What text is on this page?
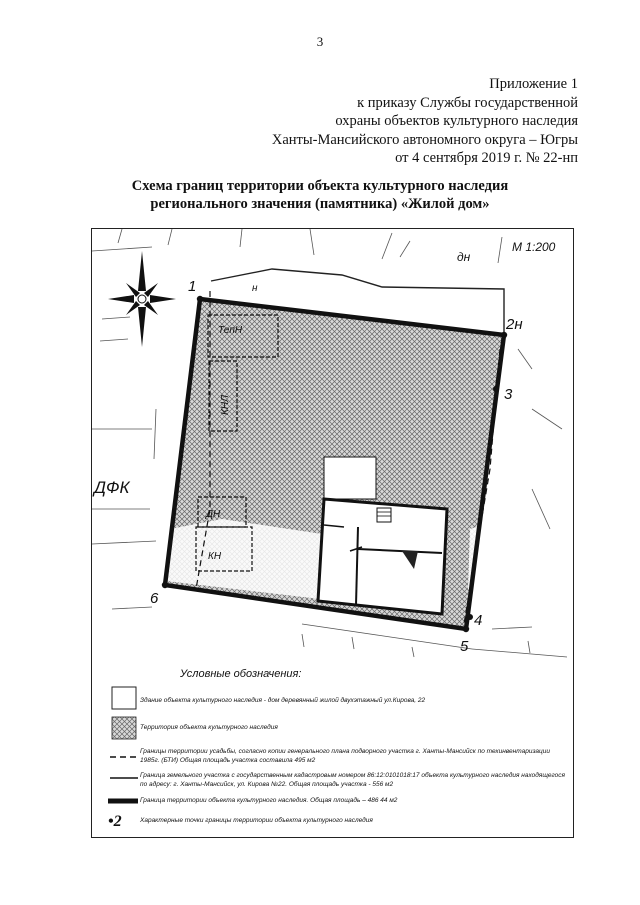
3
Приложение 1
к приказу Службы государственной
охраны объектов культурного наследия
Ханты-Мансийского автономного округа – Югры
от 4 сентября 2019 г. № 22-нп
Схема границ территории объекта культурного наследия
регионального значения (памятника) «Жилой дом»
М 1:200
дн
н
ТепН
КНЛ
ДФК
ДН
КН
1
2н
3
4
5
6
Условные обозначения:
Здание объекта культурного наследия - дом деревянный жилой двухэтажный ул.Кирова, 22
Территория объекта культурного наследия
Границы территории усадьбы, согласно копии генерального плана подворного участка г. Ханты-Мансийск по техинвентаризации 1985г. (БТИ) Общая площадь участка составила 495 м2
Граница земельного участка с государственным кадастровым номером 86:12:0101018:17 объекта культурного наследия находящегося по адресу: г. Ханты-Мансийск, ул. Кирова №22. Общая площадь участка - 556 м2
Граница территории объекта культурного наследия. Общая площадь – 486 44 м2
•2	Характерные точки границы территории объекта культурного наследия
